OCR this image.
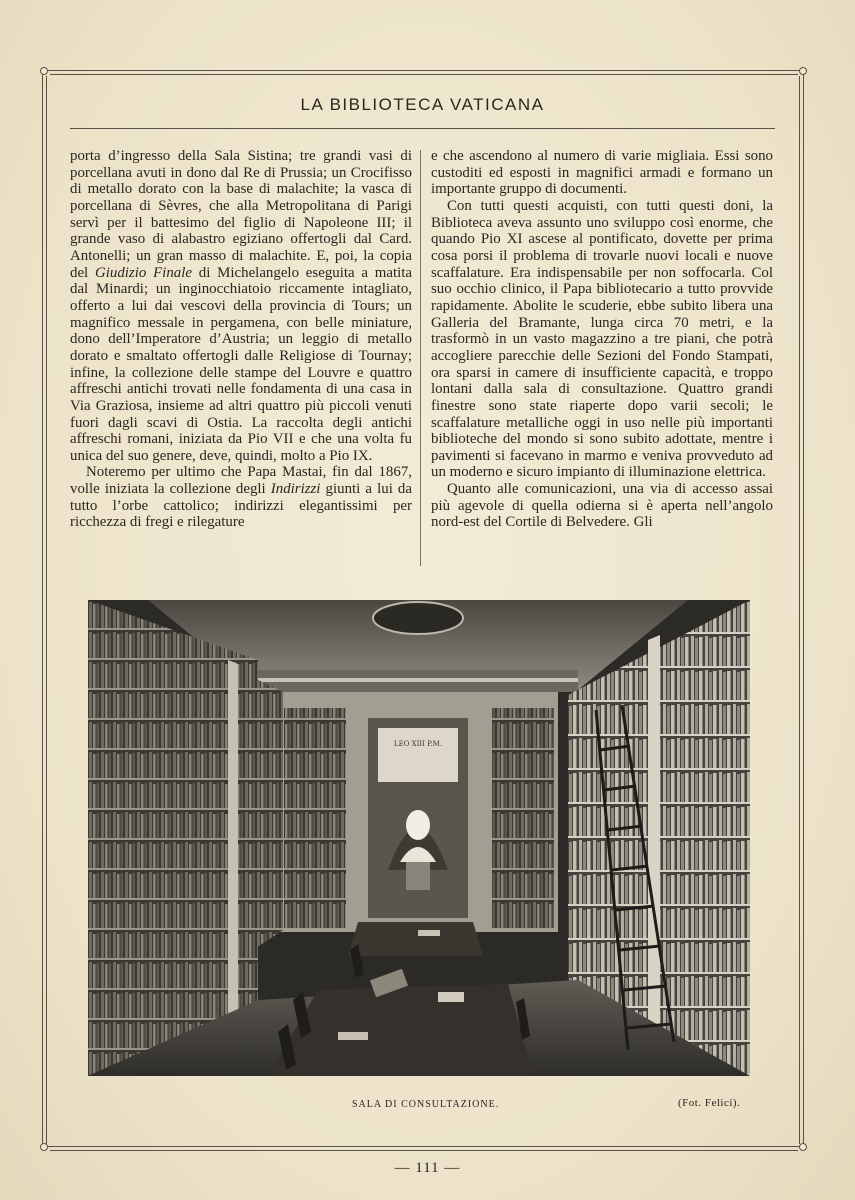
LA BIBLIOTECA VATICANA

porta d’ingresso della Sala Sistina; tre grandi vasi di porcellana avuti in dono dal Re di Prussia; un Crocifisso di metallo dorato con la base di malachite; la vasca di porcellana di Sèvres, che alla Metropolitana di Parigi servì per il battesimo del figlio di Napoleone III; il grande vaso di alabastro egiziano offertogli dal Card. Antonelli; un gran masso di malachite. E, poi, la copia del Giudizio Finale di Michelangelo eseguita a matita dal Minardi; un inginocchiatoio riccamente intagliato, offerto a lui dai vescovi della provincia di Tours; un magnifico messale in pergamena, con belle miniature, dono dell’Imperatore d’Austria; un leggio di metallo dorato e smaltato offertogli dalle Religiose di Tournay; infine, la collezione delle stampe del Louvre e quattro affreschi antichi trovati nelle fondamenta di una casa in Via Graziosa, insieme ad altri quattro più piccoli venuti fuori dagli scavi di Ostia. La raccolta degli antichi affreschi romani, iniziata da Pio VII e che una volta fu unica del suo genere, deve, quindi, molto a Pio IX.

Noteremo per ultimo che Papa Mastai, fin dal 1867, volle iniziata la collezione degli Indirizzi giunti a lui da tutto l’orbe cattolico; indirizzi elegantissimi per ricchezza di fregi e rilegature

e che ascendono al numero di varie migliaia. Essi sono custoditi ed esposti in magnifici armadi e formano un importante gruppo di documenti.

Con tutti questi acquisti, con tutti questi doni, la Biblioteca aveva assunto uno sviluppo così enorme, che quando Pio XI ascese al pontificato, dovette per prima cosa porsi il problema di trovarle nuovi locali e nuove scaffalature. Era indispensabile per non soffocarla. Col suo occhio clinico, il Papa bibliotecario a tutto provvide rapidamente. Abolite le scuderie, ebbe subito libera una Galleria del Bramante, lunga circa 70 metri, e la trasformò in un vasto magazzino a tre piani, che potrà accogliere parecchie delle Sezioni del Fondo Stampati, ora sparsi in camere di insufficiente capacità, e troppo lontani dalla sala di consultazione. Quattro grandi finestre sono state riaperte dopo varii secoli; le scaffalature metalliche oggi in uso nelle più importanti biblioteche del mondo si sono subito adottate, mentre i pavimenti si facevano in marmo e veniva provveduto ad un moderno e sicuro impianto di illuminazione elettrica.

Quanto alle comunicazioni, una via di accesso assai più agevole di quella odierna si è aperta nell’angolo nord-est del Cortile di Belvedere. Gli

LEO XIII P.M.
SALA DI CONSULTAZIONE.	(Fot. Felici).
— 111 —
